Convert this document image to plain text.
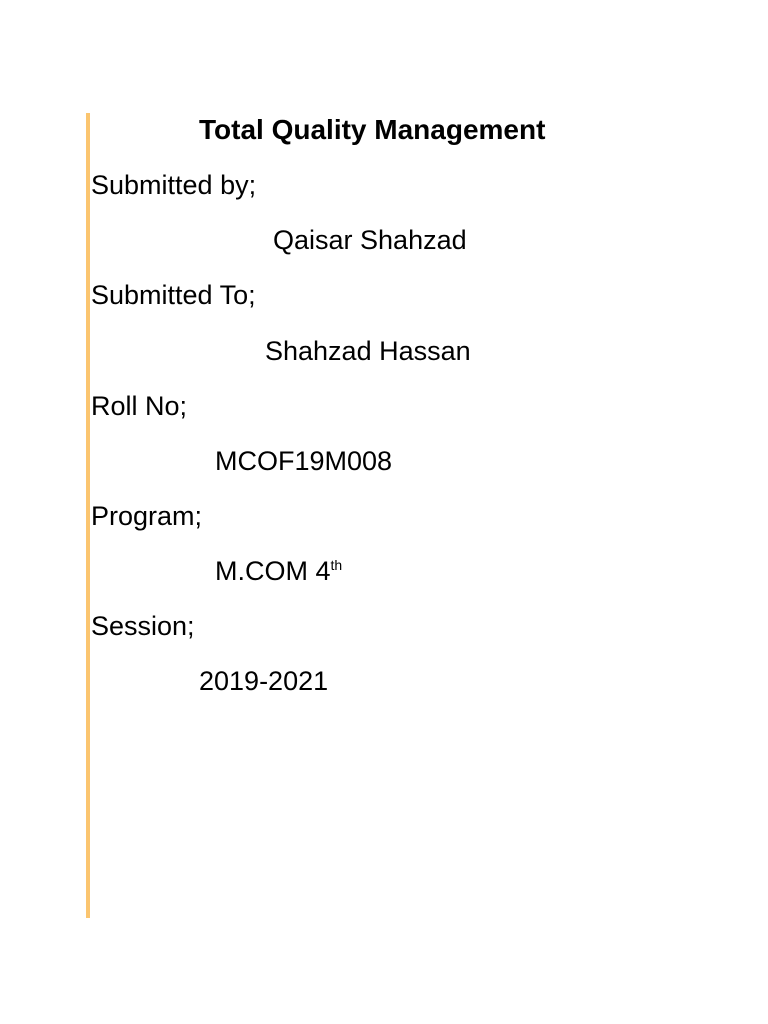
Total Quality Management
Submitted by;
Qaisar Shahzad
Submitted To;
Shahzad Hassan
Roll No;
MCOF19M008
Program;
M.COM 4th
Session;
2019-2021
